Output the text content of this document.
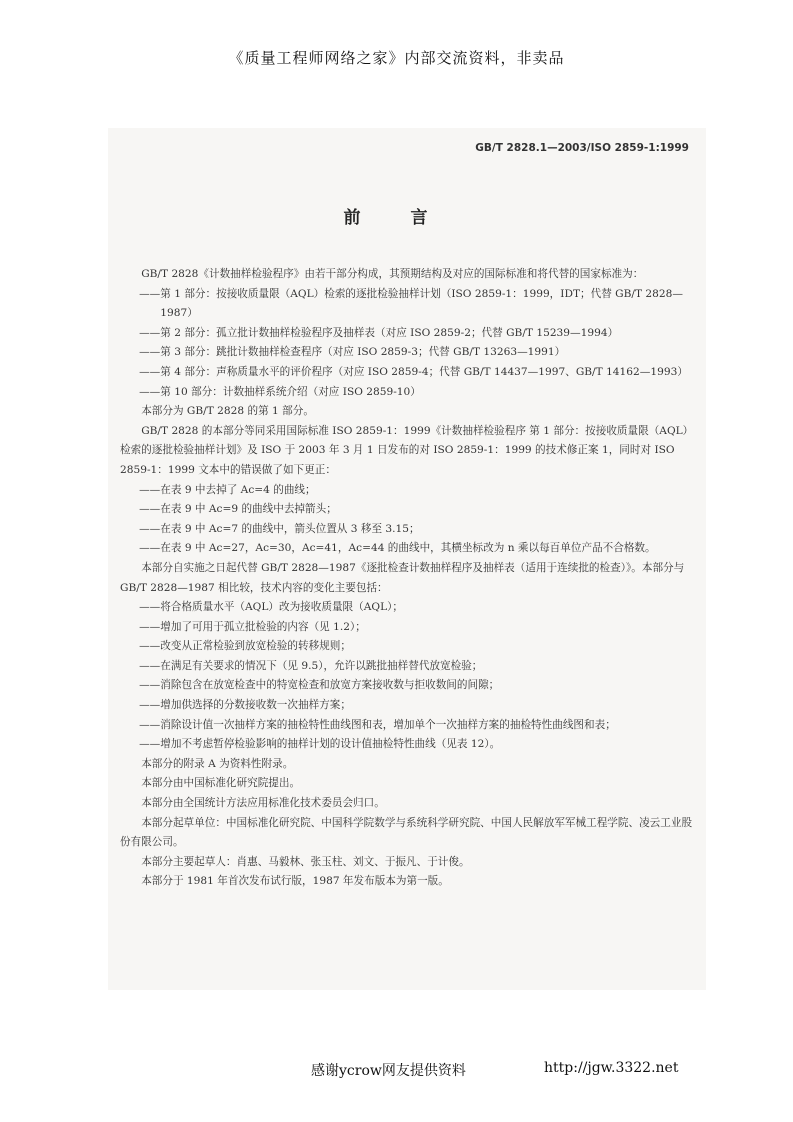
《质量工程师网络之家》内部交流资料，非卖品
GB/T 2828.1—2003/ISO 2859-1:1999
前 言

GB/T 2828《计数抽样检验程序》由若干部分构成，其预期结构及对应的国际标准和将代替的国家标准为：

——第 1 部分：按接收质量限（AQL）检索的逐批检验抽样计划（ISO 2859-1：1999，IDT；代替 GB/T 2828—1987）

——第 2 部分：孤立批计数抽样检验程序及抽样表（对应 ISO 2859-2；代替 GB/T 15239—1994）

——第 3 部分：跳批计数抽样检查程序（对应 ISO 2859-3；代替 GB/T 13263—1991）

——第 4 部分：声称质量水平的评价程序（对应 ISO 2859-4；代替 GB/T 14437—1997、GB/T 14162—1993）

——第 10 部分：计数抽样系统介绍（对应 ISO 2859-10）

本部分为 GB/T 2828 的第 1 部分。

GB/T 2828 的本部分等同采用国际标准 ISO 2859-1：1999《计数抽样检验程序 第 1 部分：按接收质量限（AQL）检索的逐批检验抽样计划》及 ISO 于 2003 年 3 月 1 日发布的对 ISO 2859-1：1999 的技术修正案 1，同时对 ISO 2859-1：1999 文本中的错误做了如下更正：

——在表 9 中去掉了 Ac=4 的曲线；

——在表 9 中 Ac=9 的曲线中去掉箭头；

——在表 9 中 Ac=7 的曲线中，箭头位置从 3 移至 3.15；

——在表 9 中 Ac=27，Ac=30，Ac=41，Ac=44 的曲线中，其横坐标改为 n 乘以每百单位产品不合格数。

本部分自实施之日起代替 GB/T 2828—1987《逐批检查计数抽样程序及抽样表（适用于连续批的检查）》。本部分与 GB/T 2828—1987 相比较，技术内容的变化主要包括：

——将合格质量水平（AQL）改为接收质量限（AQL）；

——增加了可用于孤立批检验的内容（见 1.2）；

——改变从正常检验到放宽检验的转移规则；

——在满足有关要求的情况下（见 9.5），允许以跳批抽样替代放宽检验；

——消除包含在放宽检查中的特宽检查和放宽方案接收数与拒收数间的间隙；

——增加供选择的分数接收数一次抽样方案；

——消除设计值一次抽样方案的抽检特性曲线图和表，增加单个一次抽样方案的抽检特性曲线图和表；

——增加不考虑暂停检验影响的抽样计划的设计值抽检特性曲线（见表 12）。

本部分的附录 A 为资料性附录。

本部分由中国标准化研究院提出。

本部分由全国统计方法应用标准化技术委员会归口。

本部分起草单位：中国标准化研究院、中国科学院数学与系统科学研究院、中国人民解放军军械工程学院、凌云工业股份有限公司。

本部分主要起草人：肖惠、马毅林、张玉柱、刘文、于振凡、于计俊。

本部分于 1981 年首次发布试行版，1987 年发布版本为第一版。

感谢ycrow网友提供资料	http://jgw.3322.net
